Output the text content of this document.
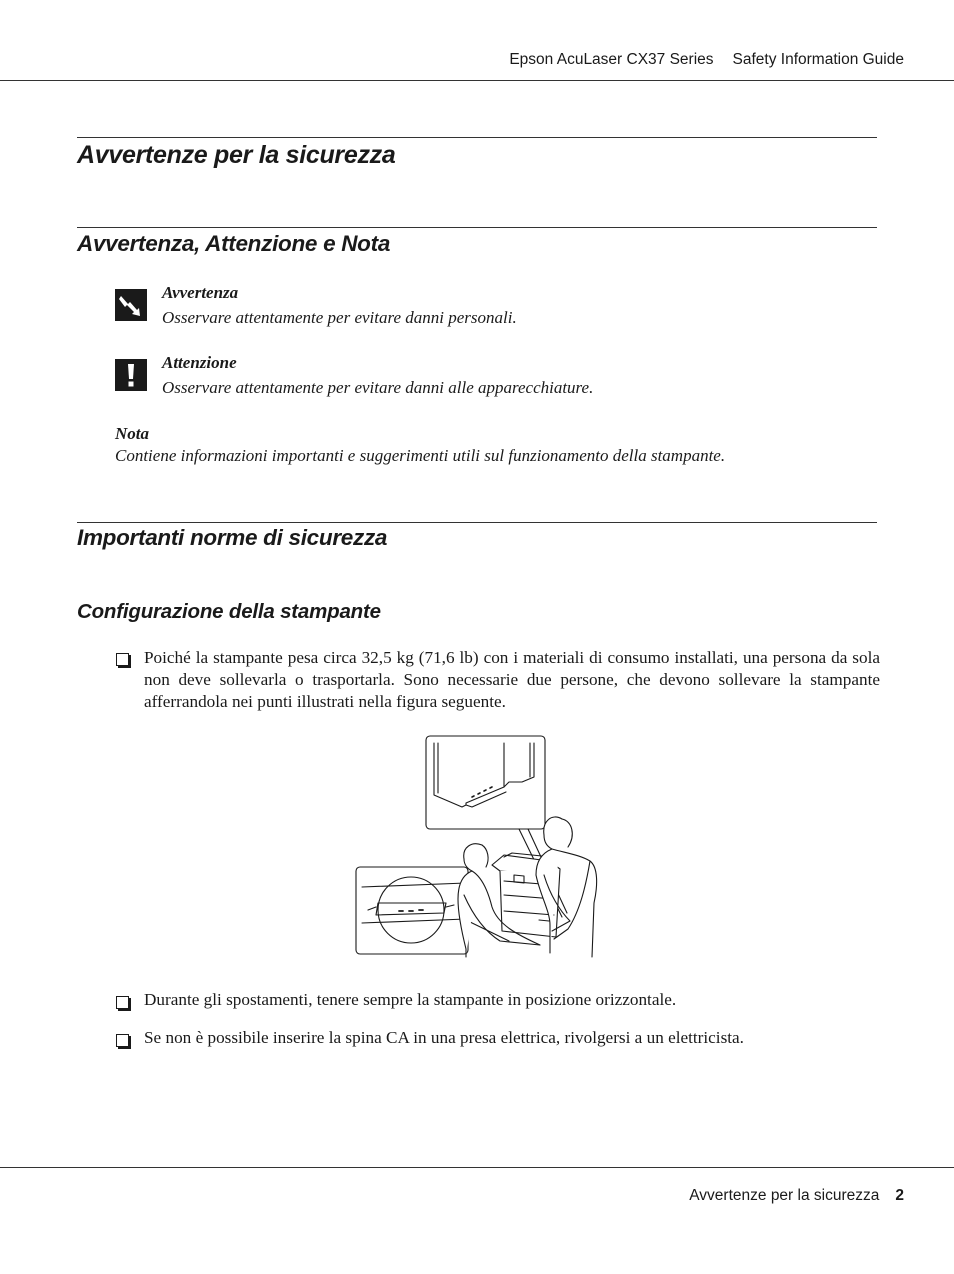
Epson AcuLaser CX37 Series Safety Information Guide
Avvertenze per la sicurezza
Avvertenza, Attenzione e Nota
Avvertenza
Osservare attentamente per evitare danni personali.
Attenzione
Osservare attentamente per evitare danni alle apparecchiature.
Nota
Contiene informazioni importanti e suggerimenti utili sul funzionamento della stampante.
Importanti norme di sicurezza
Configurazione della stampante
Poiché la stampante pesa circa 32,5 kg (71,6 lb) con i materiali di consumo installati, una persona da sola non deve sollevarla o trasportarla. Sono necessarie due persone, che devono sollevare la stampante afferrandola nei punti illustrati nella figura seguente.
Durante gli spostamenti, tenere sempre la stampante in posizione orizzontale.
Se non è possibile inserire la spina CA in una presa elettrica, rivolgersi a un elettricista.
Avvertenze per la sicurezza 2
